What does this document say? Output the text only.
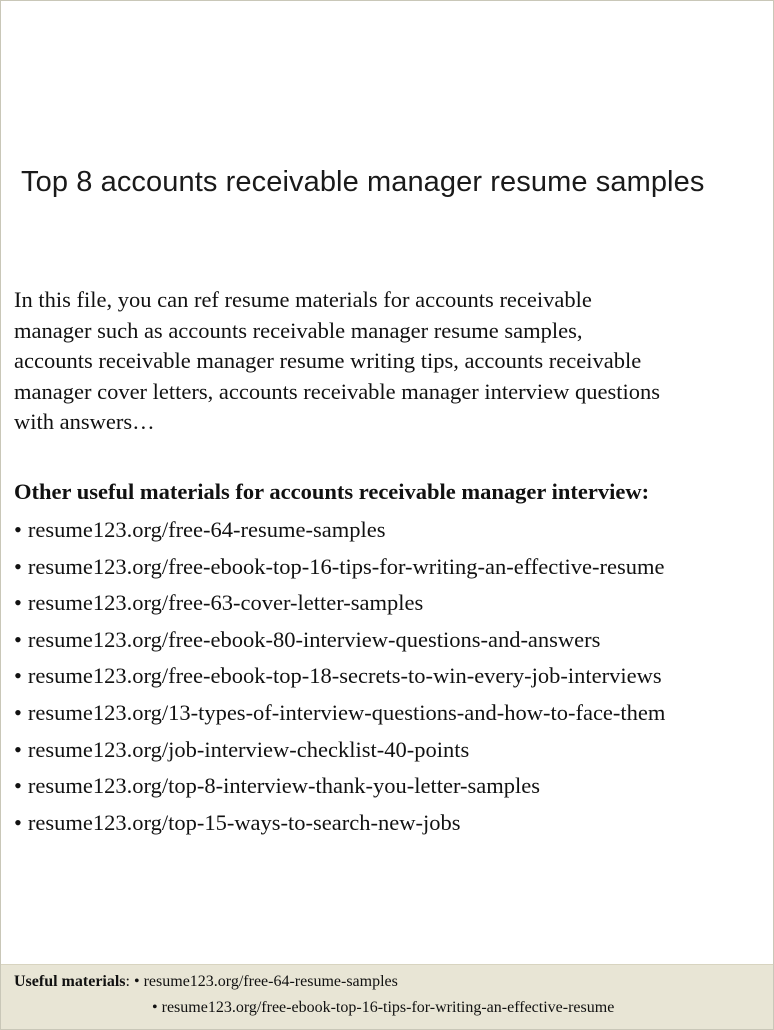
Top 8 accounts receivable manager resume samples

In this file, you can ref resume materials for accounts receivable

manager such as accounts receivable manager resume samples,

accounts receivable manager resume writing tips, accounts receivable

manager cover letters, accounts receivable manager interview questions

with answers…

Other useful materials for accounts receivable manager interview:
• resume123.org/free-64-resume-samples
• resume123.org/free-ebook-top-16-tips-for-writing-an-effective-resume
• resume123.org/free-63-cover-letter-samples
• resume123.org/free-ebook-80-interview-questions-and-answers
• resume123.org/free-ebook-top-18-secrets-to-win-every-job-interviews
• resume123.org/13-types-of-interview-questions-and-how-to-face-them
• resume123.org/job-interview-checklist-40-points
• resume123.org/top-8-interview-thank-you-letter-samples
• resume123.org/top-15-ways-to-search-new-jobs
Useful materials: • resume123.org/free-64-resume-samples
• resume123.org/free-ebook-top-16-tips-for-writing-an-effective-resume
